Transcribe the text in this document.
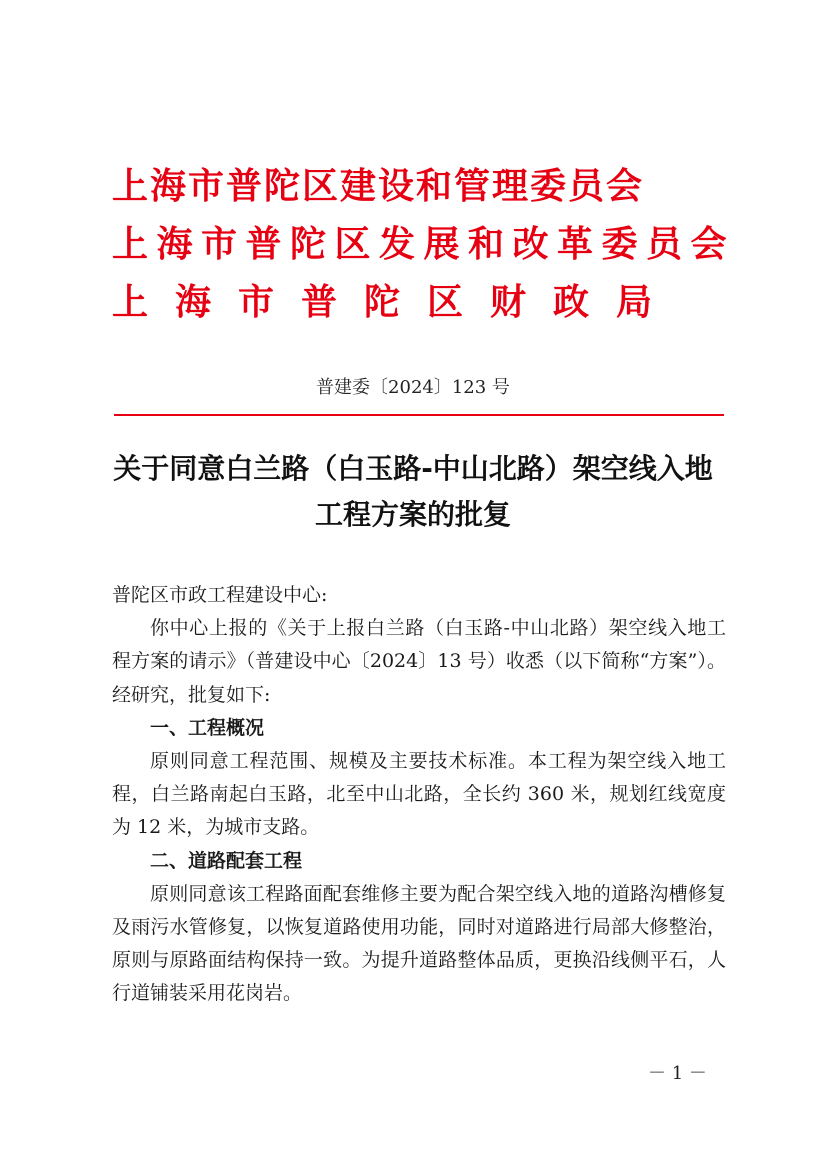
上海市普陀区建设和管理委员会
上海市普陀区发展和改革委员会
上海市普陀区财政局
普建委〔2024〕123 号
关于同意白兰路（白玉路-中山北路）架空线入地工程方案的批复

普陀区市政工程建设中心:

你中心上报的《关于上报白兰路（白玉路-中山北路）架空线入地工程方案的请示》（普建设中心〔2024〕13 号）收悉（以下简称“方案”）。经研究，批复如下:

一、工程概况

原则同意工程范围、规模及主要技术标准。本工程为架空线入地工程，白兰路南起白玉路，北至中山北路，全长约 360 米，规划红线宽度为 12 米，为城市支路。

二、道路配套工程

原则同意该工程路面配套维修主要为配合架空线入地的道路沟槽修复及雨污水管修复，以恢复道路使用功能，同时对道路进行局部大修整治，原则与原路面结构保持一致。为提升道路整体品质，更换沿线侧平石，人行道铺装采用花岗岩。

－ 1 －
